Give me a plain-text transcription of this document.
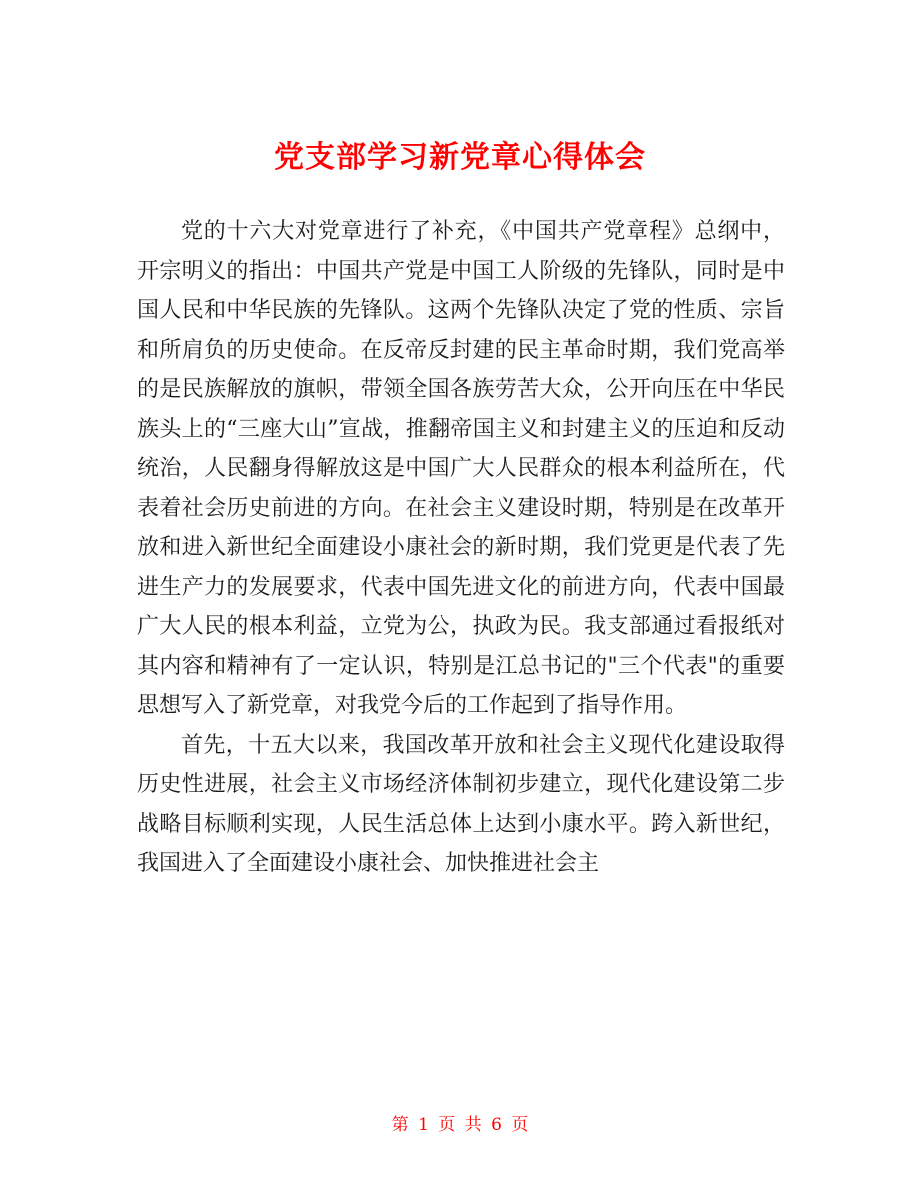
党支部学习新党章心得体会

党的十六大对党章进行了补充，《中国共产党章程》总纲中，开宗明义的指出：中国共产党是中国工人阶级的先锋队，同时是中国人民和中华民族的先锋队。这两个先锋队决定了党的性质、宗旨和所肩负的历史使命。在反帝反封建的民主革命时期，我们党高举的是民族解放的旗帜，带领全国各族劳苦大众，公开向压在中华民族头上的“三座大山”宣战，推翻帝国主义和封建主义的压迫和反动统治，人民翻身得解放这是中国广大人民群众的根本利益所在，代表着社会历史前进的方向。在社会主义建设时期，特别是在改革开放和进入新世纪全面建设小康社会的新时期，我们党更是代表了先进生产力的发展要求，代表中国先进文化的前进方向，代表中国最广大人民的根本利益，立党为公，执政为民。我支部通过看报纸对其内容和精神有了一定认识，特别是江总书记的"三个代表"的重要思想写入了新党章，对我党今后的工作起到了指导作用。

首先，十五大以来，我国改革开放和社会主义现代化建设取得历史性进展，社会主义市场经济体制初步建立，现代化建设第二步战略目标顺利实现，人民生活总体上达到小康水平。跨入新世纪，我国进入了全面建设小康社会、加快推进社会主

第 1 页 共 6 页
